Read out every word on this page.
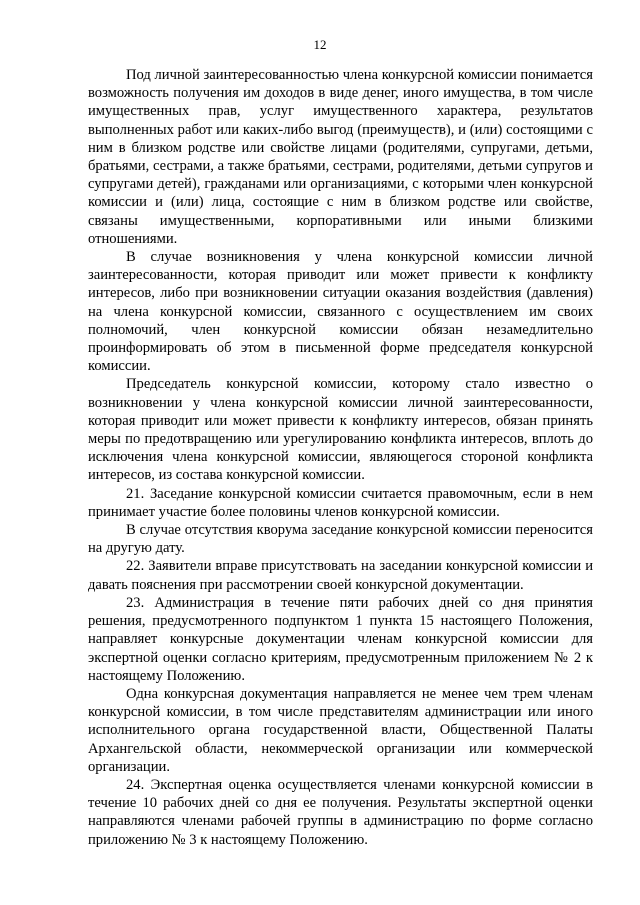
12

Под личной заинтересованностью члена конкурсной комиссии понимается возможность получения им доходов в виде денег, иного имущества, в том числе имущественных прав, услуг имущественного характера, результатов выполненных работ или каких-либо выгод (преимуществ), и (или) состоящими с ним в близком родстве или свойстве лицами (родителями, супругами, детьми, братьями, сестрами, а также братьями, сестрами, родителями, детьми супругов и супругами детей), гражданами или организациями, с которыми член конкурсной комиссии и (или) лица, состоящие с ним в близком родстве или свойстве, связаны имущественными, корпоративными или иными близкими отношениями.

В случае возникновения у члена конкурсной комиссии личной заинтересованности, которая приводит или может привести к конфликту интересов, либо при возникновении ситуации оказания воздействия (давления) на члена конкурсной комиссии, связанного с осуществлением им своих полномочий, член конкурсной комиссии обязан незамедлительно проинформировать об этом в письменной форме председателя конкурсной комиссии.

Председатель конкурсной комиссии, которому стало известно о возникновении у члена конкурсной комиссии личной заинтересованности, которая приводит или может привести к конфликту интересов, обязан принять меры по предотвращению или урегулированию конфликта интересов, вплоть до исключения члена конкурсной комиссии, являющегося стороной конфликта интересов, из состава конкурсной комиссии.

21. Заседание конкурсной комиссии считается правомочным, если в нем принимает участие более половины членов конкурсной комиссии.

В случае отсутствия кворума заседание конкурсной комиссии переносится на другую дату.

22. Заявители вправе присутствовать на заседании конкурсной комиссии и давать пояснения при рассмотрении своей конкурсной документации.

23. Администрация в течение пяти рабочих дней со дня принятия решения, предусмотренного подпунктом 1 пункта 15 настоящего Положения, направляет конкурсные документации членам конкурсной комиссии для экспертной оценки согласно критериям, предусмотренным приложением № 2 к настоящему Положению.

Одна конкурсная документация направляется не менее чем трем членам конкурсной комиссии, в том числе представителям администрации или иного исполнительного органа государственной власти, Общественной Палаты Архангельской области, некоммерческой организации или коммерческой организации.

24. Экспертная оценка осуществляется членами конкурсной комиссии в течение 10 рабочих дней со дня ее получения. Результаты экспертной оценки направляются членами рабочей группы в администрацию по форме согласно приложению № 3 к настоящему Положению.
